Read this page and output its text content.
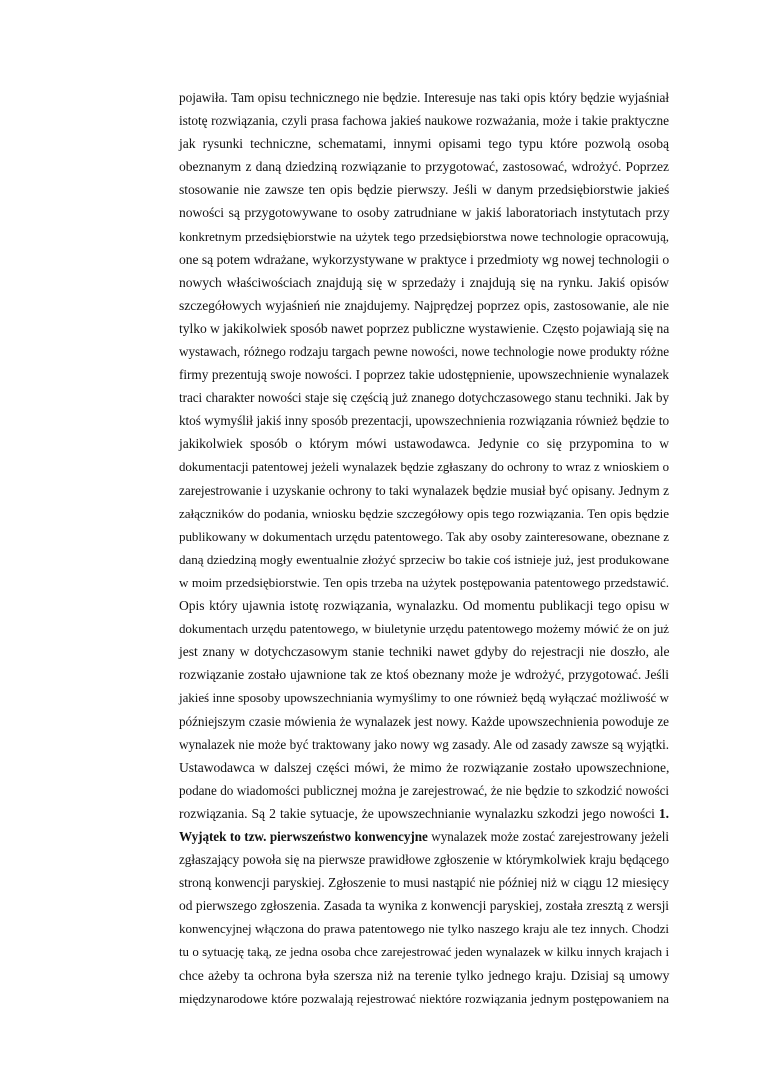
pojawiła. Tam opisu technicznego nie będzie. Interesuje nas taki opis który będzie wyjaśniał
istotę rozwiązania, czyli prasa fachowa jakieś naukowe rozważania, może i takie praktyczne
jak rysunki techniczne, schematami, innymi opisami tego typu które pozwolą osobą
obeznanym z daną dziedziną rozwiązanie to przygotować, zastosować, wdrożyć. Poprzez
stosowanie nie zawsze ten opis będzie pierwszy. Jeśli w danym przedsiębiorstwie jakieś
nowości są przygotowywane to osoby zatrudniane w jakiś laboratoriach instytutach przy
konkretnym przedsiębiorstwie na użytek tego przedsiębiorstwa nowe technologie opracowują,
one są potem wdrażane, wykorzystywane w praktyce i przedmioty wg nowej technologii o
nowych właściwościach znajdują się w sprzedaży i znajdują się na rynku. Jakiś opisów
szczegółowych wyjaśnień nie znajdujemy. Najprędzej poprzez opis, zastosowanie, ale nie
tylko w jakikolwiek sposób nawet poprzez publiczne wystawienie. Często pojawiają się na
wystawach, różnego rodzaju targach pewne nowości, nowe technologie nowe produkty różne
firmy prezentują swoje nowości. I poprzez takie udostępnienie, upowszechnienie wynalazek
traci charakter nowości staje się częścią już znanego dotychczasowego stanu techniki. Jak by
ktoś wymyślił jakiś inny sposób prezentacji, upowszechnienia rozwiązania również będzie to
jakikolwiek sposób o którym mówi ustawodawca. Jedynie co się przypomina to w
dokumentacji patentowej jeżeli wynalazek będzie zgłaszany do ochrony to wraz z wnioskiem o
zarejestrowanie i uzyskanie ochrony to taki wynalazek będzie musiał być opisany. Jednym z
załączników do podania, wniosku będzie szczegółowy opis tego rozwiązania. Ten opis będzie
publikowany w dokumentach urzędu patentowego. Tak aby osoby zainteresowane, obeznane z
daną dziedziną mogły ewentualnie złożyć sprzeciw bo takie coś istnieje już, jest produkowane
w moim przedsiębiorstwie. Ten opis trzeba na użytek postępowania patentowego przedstawić.
Opis który ujawnia istotę rozwiązania, wynalazku. Od momentu publikacji tego opisu w
dokumentach urzędu patentowego, w biuletynie urzędu patentowego możemy mówić że on już
jest znany w dotychczasowym stanie techniki nawet gdyby do rejestracji nie doszło, ale
rozwiązanie zostało ujawnione tak ze ktoś obeznany może je wdrożyć, przygotować. Jeśli
jakieś inne sposoby upowszechniania wymyślimy to one również będą wyłączać możliwość w
późniejszym czasie mówienia że wynalazek jest nowy. Każde upowszechnienia powoduje ze
wynalazek nie może być traktowany jako nowy wg zasady. Ale od zasady zawsze są wyjątki.
Ustawodawca w dalszej części mówi, że mimo że rozwiązanie zostało upowszechnione,
podane do wiadomości publicznej można je zarejestrować, że nie będzie to szkodzić nowości
rozwiązania. Są 2 takie sytuacje, że upowszechnianie wynalazku szkodzi jego nowości 1.
Wyjątek to tzw. pierwszeństwo konwencyjne wynalazek może zostać zarejestrowany jeżeli
zgłaszający powoła się na pierwsze prawidłowe zgłoszenie w którymkolwiek kraju będącego
stroną konwencji paryskiej. Zgłoszenie to musi nastąpić nie później niż w ciągu 12 miesięcy
od pierwszego zgłoszenia. Zasada ta wynika z konwencji paryskiej, została zresztą z wersji
konwencyjnej włączona do prawa patentowego nie tylko naszego kraju ale tez innych. Chodzi
tu o sytuację taką, ze jedna osoba chce zarejestrować jeden wynalazek w kilku innych krajach i
chce ażeby ta ochrona była szersza niż na terenie tylko jednego kraju. Dzisiaj są umowy
międzynarodowe które pozwalają rejestrować niektóre rozwiązania jednym postępowaniem na
